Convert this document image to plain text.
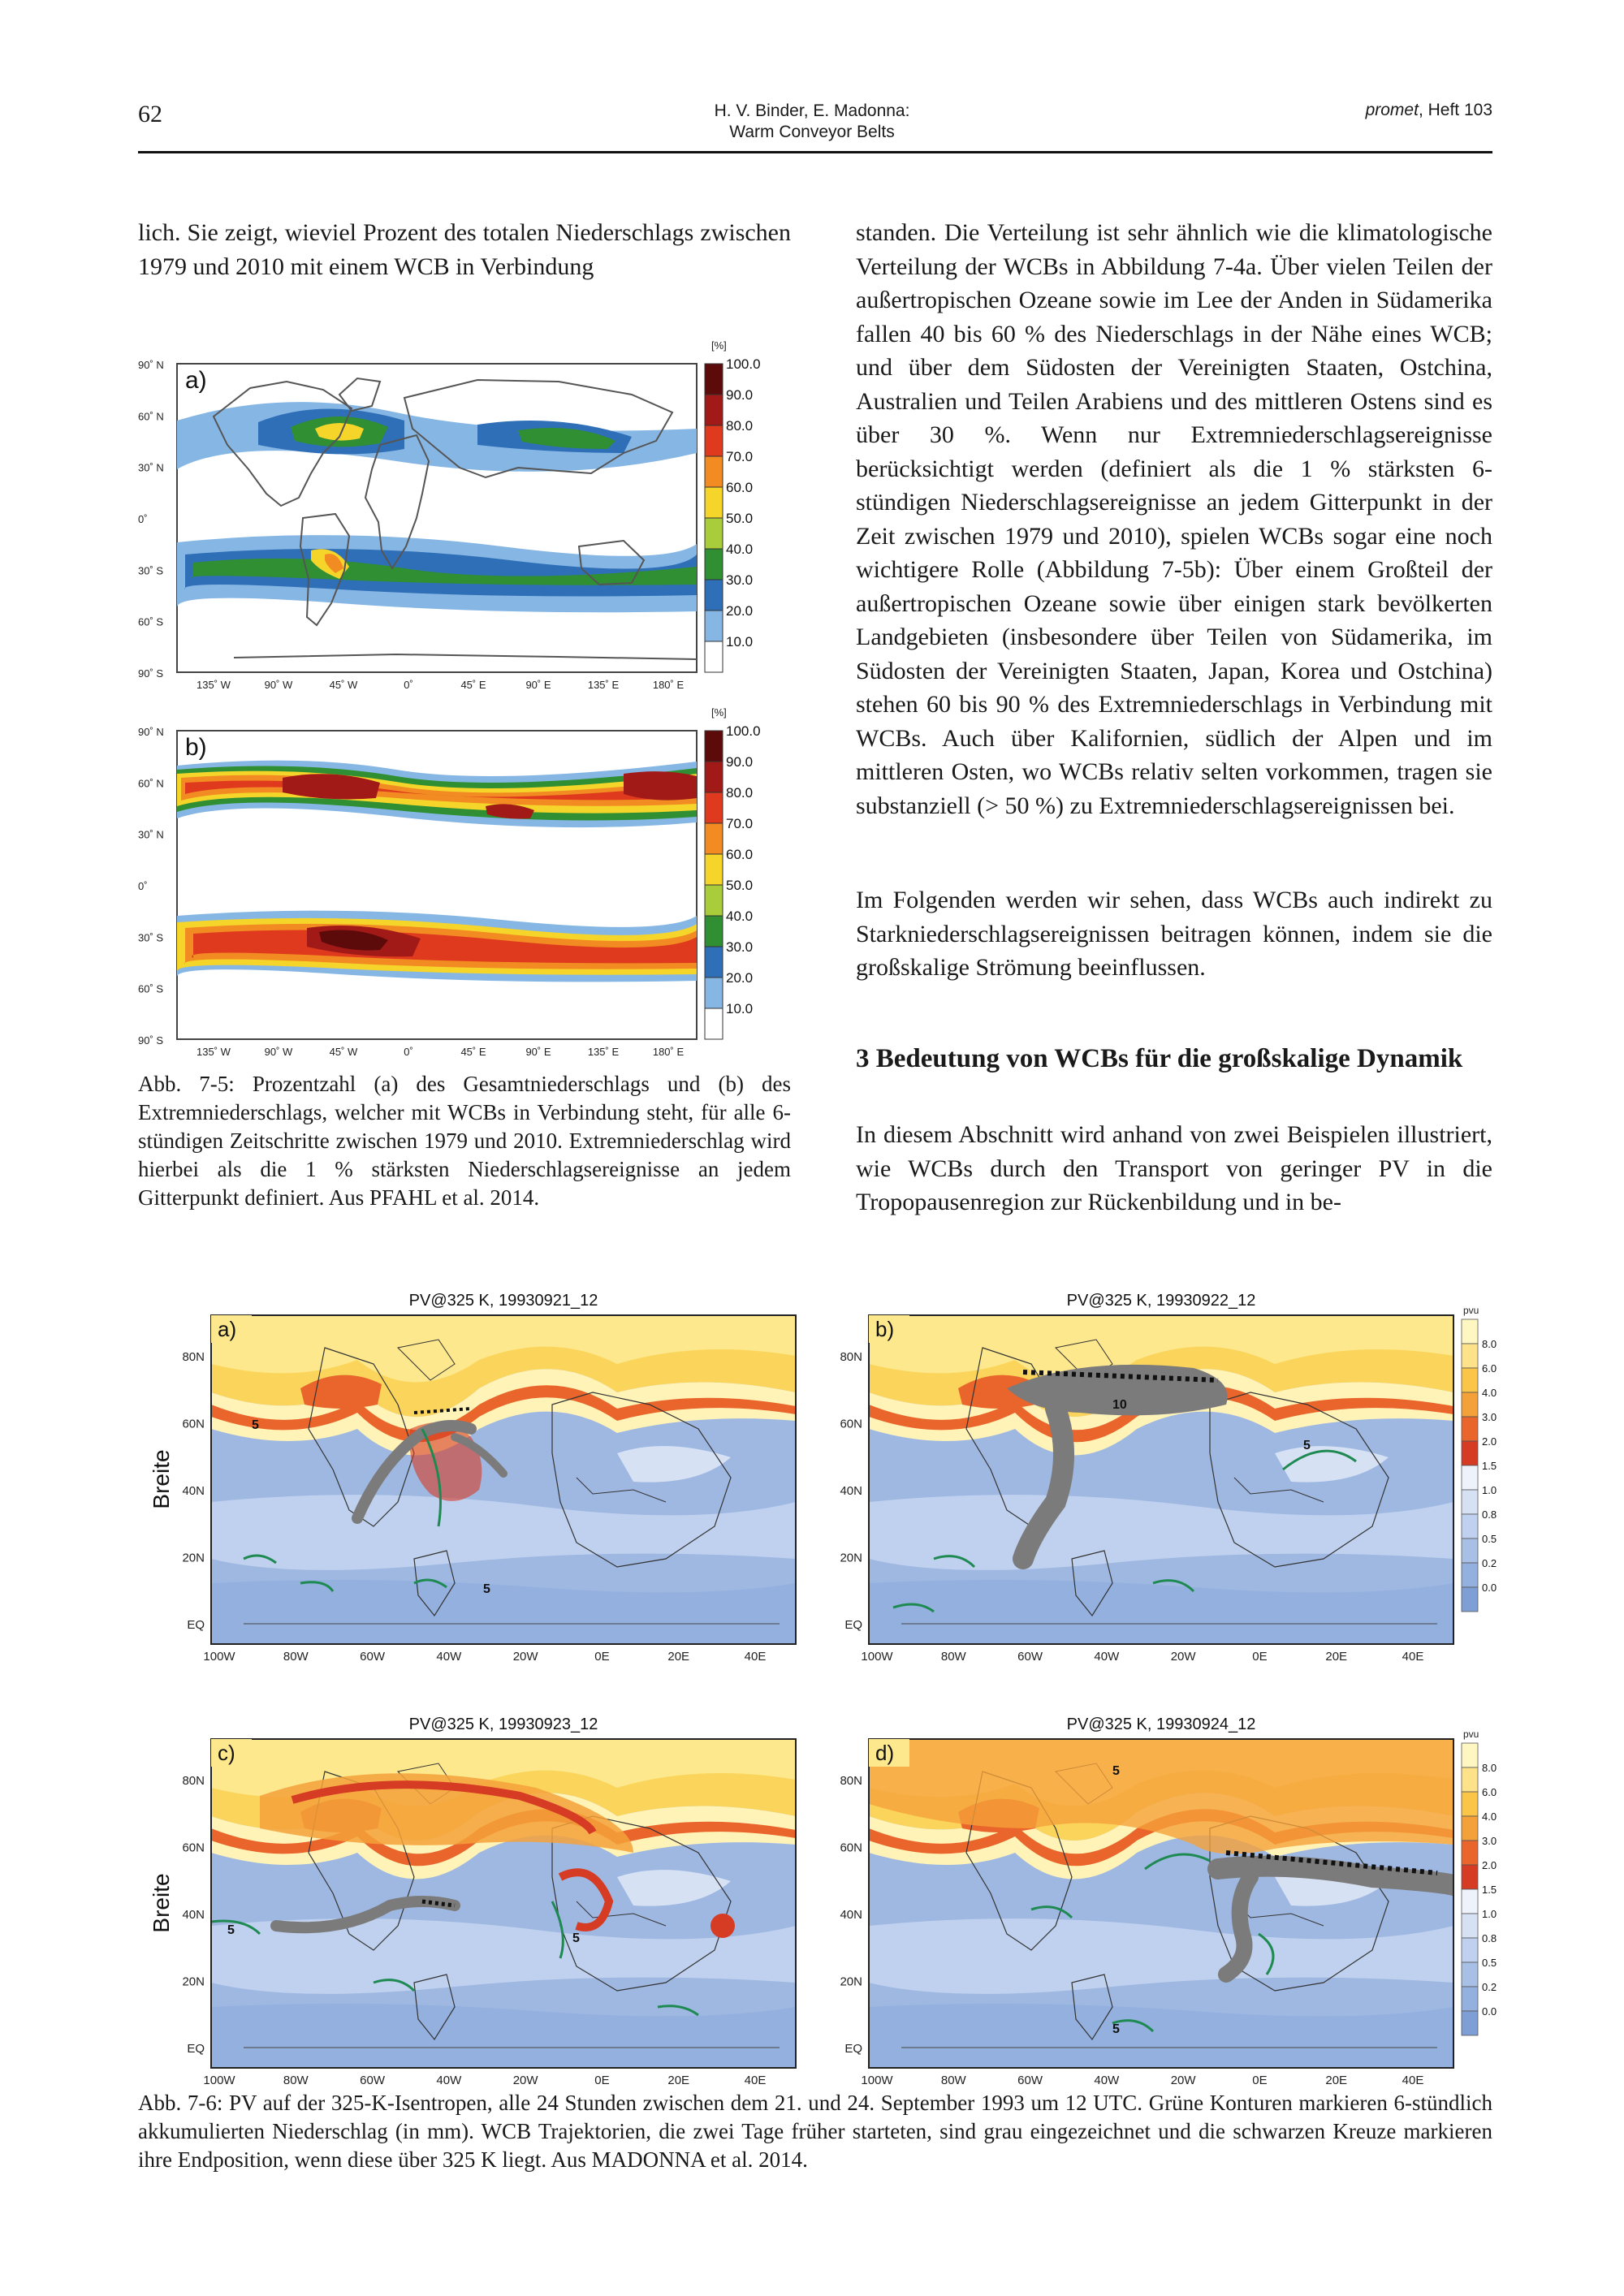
62	H. V. Binder, E. Madonna:
Warm Conveyor Belts
promet, Heft 103
lich. Sie zeigt, wieviel Prozent des totalen Niederschlags zwischen 1979 und 2010 mit einem WCB in Verbindung
a)
[%]
b)
[%]
100.0
90.0
80.0
70.0
60.0
50.0
40.0
30.0
20.0
10.0
100.0
90.0
80.0
70.0
60.0
50.0
40.0
30.0
20.0
10.0
90˚ N
60˚ N
30˚ N
0˚
30˚ S
60˚ S
90˚ S
135˚ W	90˚ W	45˚ W	0˚	45˚ E	90˚ E	135˚ E	180˚ E
90˚ N
60˚ N
30˚ N
0˚
30˚ S
60˚ S
90˚ S
135˚ W	90˚ W	45˚ W	0˚	45˚ E	90˚ E	135˚ E	180˚ E
Abb. 7-5: Prozentzahl (a) des Gesamtniederschlags und (b) des Extremniederschlags, welcher mit WCBs in Verbindung steht, für alle 6-stündigen Zeitschritte zwischen 1979 und 2010. Extremniederschlag wird hierbei als die 1 % stärksten Niederschlagsereignisse an jedem Gitterpunkt definiert. Aus PFAHL et al. 2014.
standen. Die Verteilung ist sehr ähnlich wie die klimatologische Verteilung der WCBs in Abbildung 7-4a. Über vielen Teilen der außertropischen Ozeane sowie im Lee der Anden in Südamerika fallen 40 bis 60 % des Niederschlags in der Nähe eines WCB; und über dem Südosten der Vereinigten Staaten, Ostchina, Australien und Teilen Arabiens und des mittleren Ostens sind es über 30 %. Wenn nur Extremniederschlagsereignisse berücksichtigt werden (definiert als die 1 % stärksten 6-stündigen Niederschlagsereignisse an jedem Gitterpunkt in der Zeit zwischen 1979 und 2010), spielen WCBs sogar eine noch wichtigere Rolle (Abbildung 7-5b): Über einem Großteil der außertropischen Ozeane sowie über einigen stark bevölkerten Landgebieten (insbesondere über Teilen von Südamerika, im Südosten der Vereinigten Staaten, Japan, Korea und Ostchina) stehen 60 bis 90 % des Extremniederschlags in Verbindung mit WCBs. Auch über Kalifornien, südlich der Alpen und im mittleren Osten, wo WCBs relativ selten vorkommen, tragen sie substanziell (> 50 %) zu Extremniederschlagsereignissen bei.
Im Folgenden werden wir sehen, dass WCBs auch indirekt zu Starkniederschlagsereignissen beitragen können, indem sie die großskalige Strömung beeinflussen.
3 Bedeutung von WCBs für die großskalige Dynamik
In diesem Abschnitt wird anhand von zwei Beispielen illustriert, wie WCBs durch den Transport von geringer PV in die Tropopausenregion zur Rückenbildung und in be-
a)
5
5
PV@325 K, 19930921_12
b)
10
5
PV@325 K, 19930922_12
c)
5
5
PV@325 K, 19930923_12
d)
5
5
PV@325 K, 19930924_12
Breite
Breite
pvu
pvu
8.0
6.0
4.0
3.0
2.0
1.5
1.0
0.8
0.5
0.2
0.0
8.0
6.0
4.0
3.0
2.0
1.5
1.0
0.8
0.5
0.2
0.0
80N
60N
40N
20N
EQ
100W	80W	60W	40W	20W	0E	20E	40E
80N
60N
40N
20N
EQ
100W	80W	60W	40W	20W	0E	20E	40E
80N
60N
40N
20N
EQ
100W	80W	60W	40W	20W	0E	20E	40E
80N
60N
40N
20N
EQ
100W	80W	60W	40W	20W	0E	20E	40E
Abb. 7-6: PV auf der 325-K-Isentropen, alle 24 Stunden zwischen dem 21. und 24. September 1993 um 12 UTC. Grüne Konturen markieren 6-stündlich akkumulierten Niederschlag (in mm). WCB Trajektorien, die zwei Tage früher starteten, sind grau eingezeichnet und die schwarzen Kreuze markieren ihre Endposition, wenn diese über 325 K liegt. Aus MADONNA et al. 2014.
